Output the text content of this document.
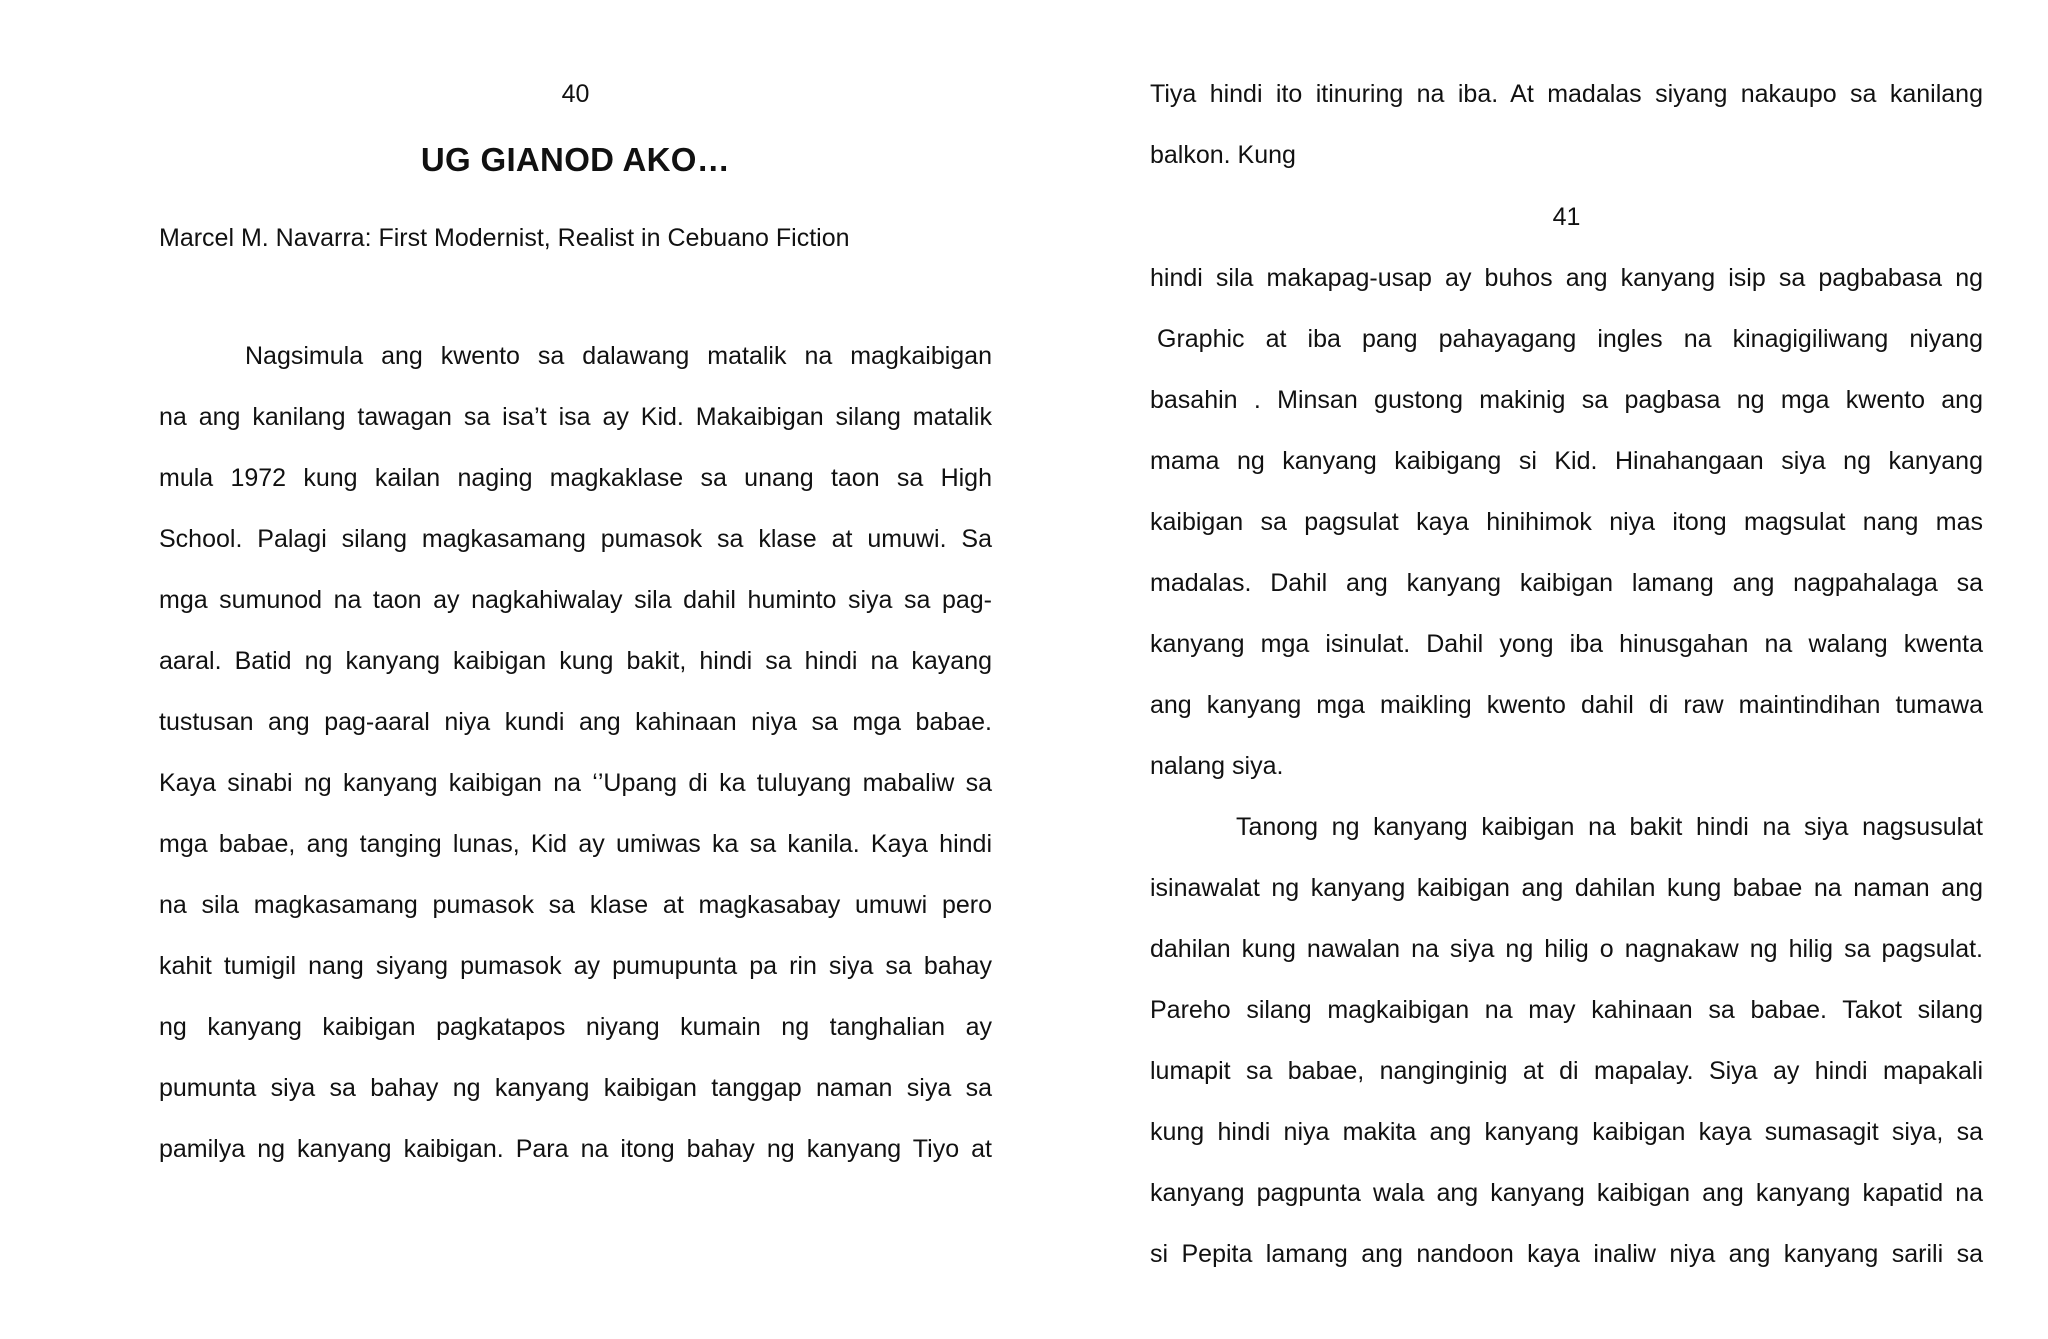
40

UG GIANOD AKO…

Marcel M. Navarra: First Modernist, Realist in Cebuano Fiction

Nagsimula ang kwento sa dalawang matalik na magkaibigan
na ang kanilang tawagan sa isa’t isa ay Kid. Makaibigan silang matalik
mula 1972 kung kailan naging magkaklase sa unang taon sa High
School. Palagi silang magkasamang pumasok sa klase at umuwi. Sa
mga sumunod na taon ay nagkahiwalay sila dahil huminto siya sa pag-
aaral. Batid ng kanyang kaibigan kung bakit, hindi sa hindi na kayang
tustusan ang pag-aaral niya kundi ang kahinaan niya sa mga babae.
Kaya sinabi ng kanyang kaibigan na ‘’Upang di ka tuluyang mabaliw sa
mga babae, ang tanging lunas, Kid ay umiwas ka sa kanila. Kaya hindi
na sila magkasamang pumasok sa klase at magkasabay umuwi pero
kahit tumigil nang siyang pumasok ay pumupunta pa rin siya sa bahay
ng kanyang kaibigan pagkatapos niyang kumain ng tanghalian ay
pumunta siya sa bahay ng kanyang kaibigan tanggap naman siya sa
pamilya ng kanyang kaibigan. Para na itong bahay ng kanyang Tiyo at
Tiya hindi ito itinuring na iba. At madalas siyang nakaupo sa kanilang
balkon. Kung

41

hindi sila makapag-usap ay buhos ang kanyang isip sa pagbabasa ng
Graphic at iba pang pahayagang ingles na kinagigiliwang niyang
basahin . Minsan gustong makinig sa pagbasa ng mga kwento ang
mama ng kanyang kaibigang si Kid. Hinahangaan siya ng kanyang
kaibigan sa pagsulat kaya hinihimok niya itong magsulat nang mas
madalas. Dahil ang kanyang kaibigan lamang ang nagpahalaga sa
kanyang mga isinulat. Dahil yong iba hinusgahan na walang kwenta
ang kanyang mga maikling kwento dahil di raw maintindihan tumawa
nalang siya.
Tanong ng kanyang kaibigan na bakit hindi na siya nagsusulat
isinawalat ng kanyang kaibigan ang dahilan kung babae na naman ang
dahilan kung nawalan na siya ng hilig o nagnakaw ng hilig sa pagsulat.
Pareho silang magkaibigan na may kahinaan sa babae. Takot silang
lumapit sa babae, nanginginig at di mapalay. Siya ay hindi mapakali
kung hindi niya makita ang kanyang kaibigan kaya sumasagit siya, sa
kanyang pagpunta wala ang kanyang kaibigan ang kanyang kapatid na
si Pepita lamang ang nandoon kaya inaliw niya ang kanyang sarili sa
